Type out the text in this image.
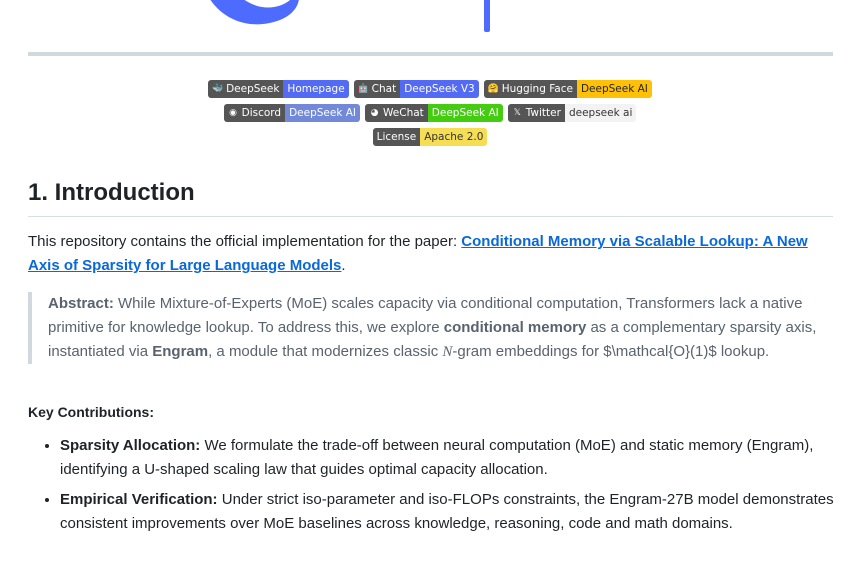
🐳 DeepSeek Homepage	🤖 Chat DeepSeek V3	🤗 Hugging Face DeepSeek AI
◉ Discord DeepSeek AI	◕ WeChat DeepSeek AI	𝕏 Twitter deepseek ai
License Apache 2.0
1. Introduction

This repository contains the official implementation for the paper: Conditional Memory via Scalable Lookup: A New Axis of Sparsity for Large Language Models.

Abstract: While Mixture-of-Experts (MoE) scales capacity via conditional computation, Transformers lack a native primitive for knowledge lookup. To address this, we explore conditional memory as a complementary sparsity axis, instantiated via Engram, a module that modernizes classic N-gram embeddings for $\mathcal{O}(1)$ lookup.

Key Contributions:

• Sparsity Allocation: We formulate the trade-off between neural computation (MoE) and static memory (Engram), identifying a U-shaped scaling law that guides optimal capacity allocation.
• Empirical Verification: Under strict iso-parameter and iso-FLOPs constraints, the Engram-27B model demonstrates consistent improvements over MoE baselines across knowledge, reasoning, code and math domains.
